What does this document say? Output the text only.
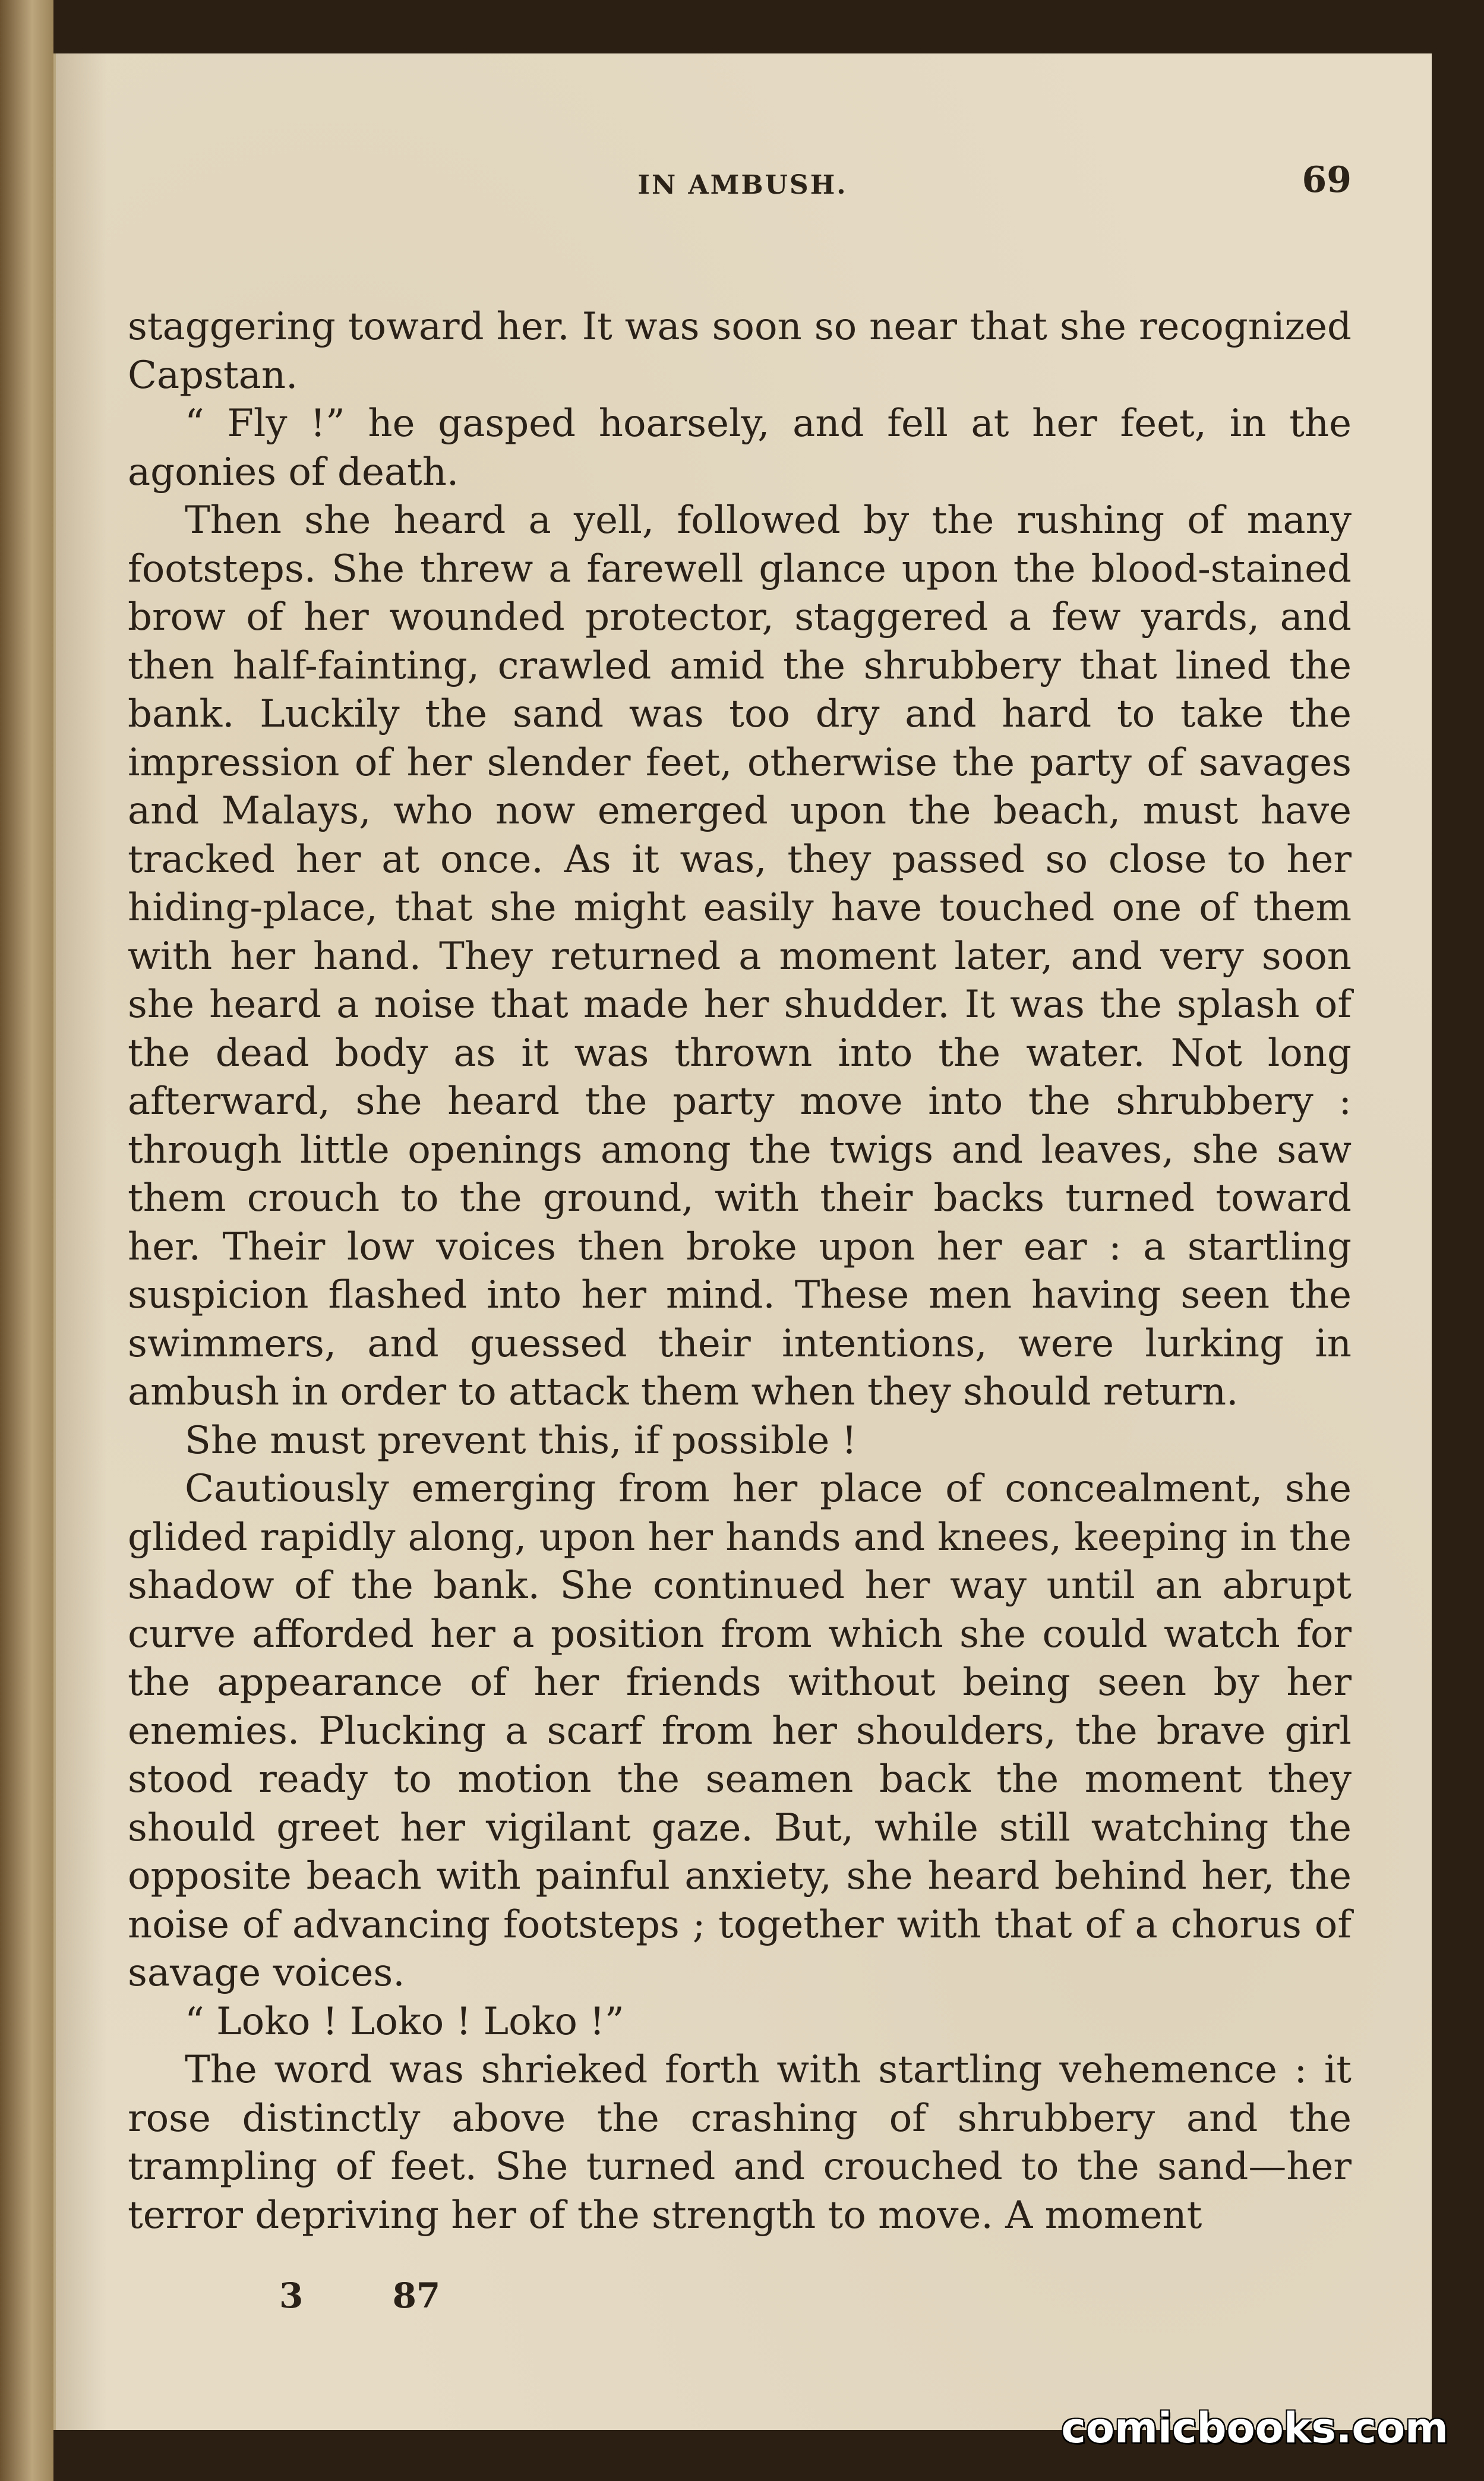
IN AMBUSH.	69

staggering toward her. It was soon so near that she recognized Capstan.

“ Fly !” he gasped hoarsely, and fell at her feet, in the agonies of death.

Then she heard a yell, followed by the rushing of many footsteps. She threw a farewell glance upon the blood-stained brow of her wounded protector, staggered a few yards, and then half-fainting, crawled amid the shrubbery that lined the bank. Luckily the sand was too dry and hard to take the impression of her slender feet, otherwise the party of savages and Malays, who now emerged upon the beach, must have tracked her at once. As it was, they passed so close to her hiding-place, that she might easily have touched one of them with her hand. They returned a moment later, and very soon she heard a noise that made her shudder. It was the splash of the dead body as it was thrown into the water. Not long afterward, she heard the party move into the shrubbery : through little openings among the twigs and leaves, she saw them crouch to the ground, with their backs turned toward her. Their low voices then broke upon her ear : a startling suspicion flashed into her mind. These men having seen the swimmers, and guessed their intentions, were lurking in ambush in order to attack them when they should return.

She must prevent this, if possible !

Cautiously emerging from her place of concealment, she glided rapidly along, upon her hands and knees, keeping in the shadow of the bank. She continued her way until an abrupt curve afforded her a position from which she could watch for the appearance of her friends without being seen by her enemies. Plucking a scarf from her shoulders, the brave girl stood ready to motion the seamen back the moment they should greet her vigilant gaze. But, while still watching the opposite beach with painful anxiety, she heard behind her, the noise of advancing footsteps ; together with that of a chorus of savage voices.

“ Loko ! Loko ! Loko !”

The word was shrieked forth with startling vehemence : it rose distinctly above the crashing of shrubbery and the trampling of feet. She turned and crouched to the sand—her terror depriving her of the strength to move. A moment

3	87
comicbooks.com
